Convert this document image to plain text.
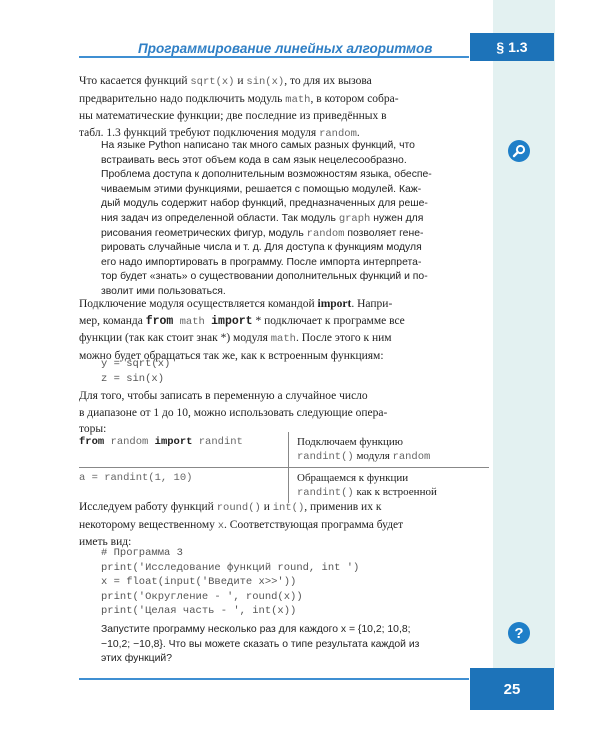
Программирование линейных алгоритмов	§ 1.3
?
Что касается функций sqrt(x) и sin(x), то для их вызова
предварительно надо подключить модуль math, в котором собра-
ны математические функции; две последние из приведённых в
табл. 1.3 функций требуют подключения модуля random.
На языке Python написано так много самых разных функций, что
встраивать весь этот объем кода в сам язык нецелесообразно.
Проблема доступа к дополнительным возможностям языка, обеспе-
чиваемым этими функциями, решается с помощью модулей. Каж-
дый модуль содержит набор функций, предназначенных для реше-
ния задач из определенной области. Так модуль graph нужен для
рисования геометрических фигур, модуль random позволяет гене-
рировать случайные числа и т. д. Для доступа к функциям модуля
его надо импортировать в программу. После импорта интерпрета-
тор будет «знать» о существовании дополнительных функций и по-
зволит ими пользоваться.
Подключение модуля осуществляется командой import. Напри-
мер, команда from math import * подключает к программе все
функции (так как стоит знак *) модуля math. После этого к ним
можно будет обращаться так же, как к встроенным функциям:
y = sqrt(x)
z = sin(x)
Для того, чтобы записать в переменную а случайное число
в диапазоне от 1 до 10, можно использовать следующие опера-
торы:
from random import randint	Подключаем функцию
randint() модуля random

a = randint(1, 10)	Обращаемся к функции
randint() как к встроенной
Исследуем работу функций round() и int(), применив их к
некоторому вещественному x. Соответствующая программа будет
иметь вид:
# Программа 3
print('Исследование функций round, int ')
x = float(input('Введите x>>'))
print('Округление - ', round(x))
print('Целая часть - ', int(x))
Запустите программу несколько раз для каждого x = {10,2; 10,8;
−10,2; −10,8}. Что вы можете сказать о типе результата каждой из
этих функций?
25
